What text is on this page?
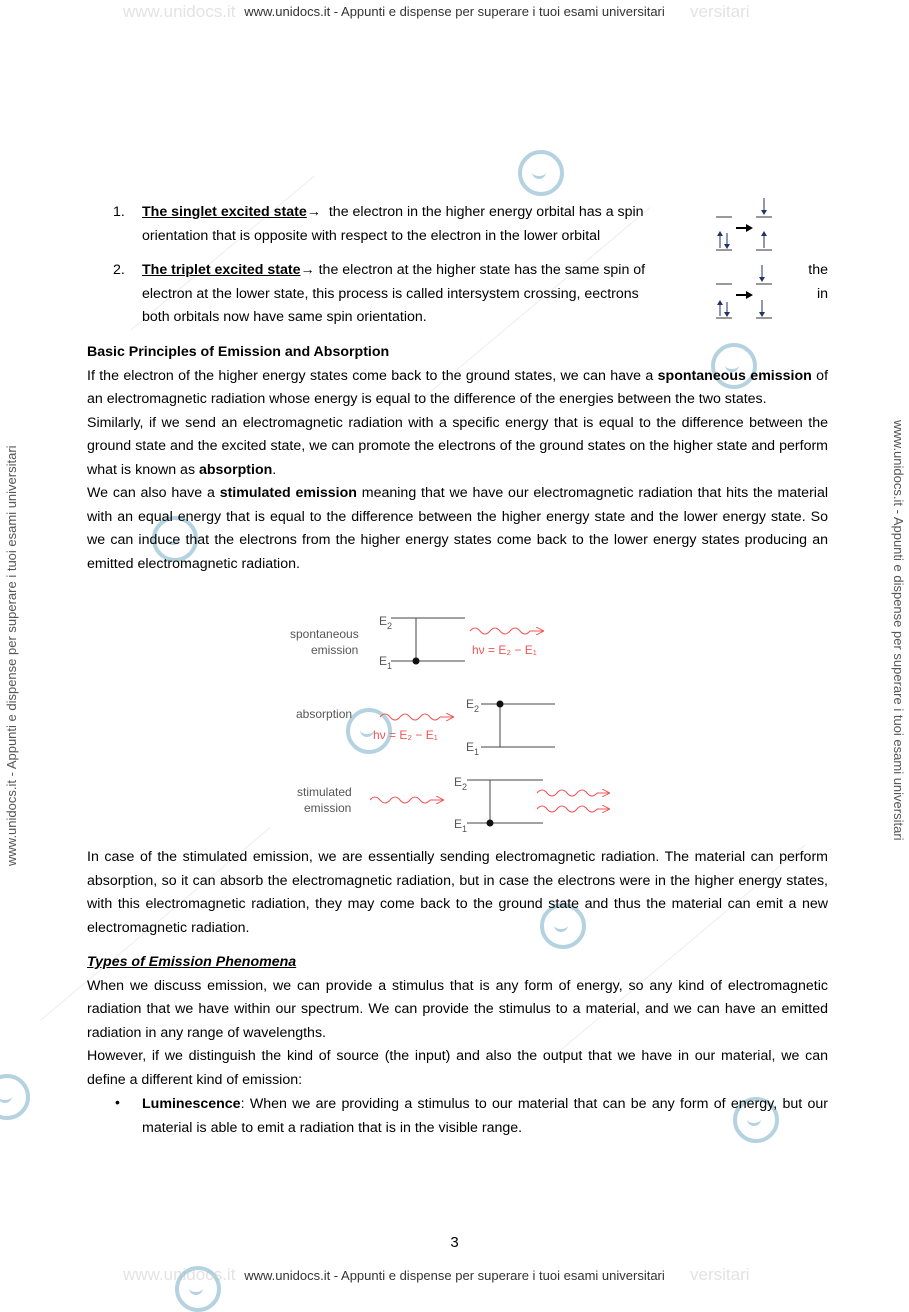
www.unidocs.it	versitari
www.unidocs.it - Appunti e dispense per superare i tuoi esami universitari
www.unidocs.it	versitari
www.unidocs.it - Appunti e dispense per superare i tuoi esami universitari
www.unidocs.it - Appunti e dispense per superare i tuoi esami universitari	www.unidocs.it - Appunti e dispense per superare i tuoi esami universitari
1. The singlet excited state→  the electron in the higher energy orbital has a spin
orientation that is opposite with respect to the electron in the lower orbital
2. The triplet excited state→ the electron at the higher state has the same spin of	the
electron at the lower state, this process is called intersystem crossing, eectrons	in
both orbitals now have same spin orientation.
Basic Principles of Emission and Absorption
If the electron of the higher energy states come back to the ground states, we can have a spontaneous emission of an electromagnetic radiation whose energy is equal to the difference of the energies between the two states.
Similarly, if we send an electromagnetic radiation with a specific energy that is equal to the difference between the ground state and the excited state, we can promote the electrons of the ground states on the higher state and perform what is known as absorption.
We can also have a stimulated emission meaning that we have our electromagnetic radiation that hits the material with an equal energy that is equal to the difference between the higher energy state and the lower energy state. So we can induce that the electrons from the higher energy states come back to the lower energy states producing an emitted electromagnetic radiation.
spontaneous
emission
$E_2$
$E_1$
hν = E₂ − E₁
absorption
$E_2$
$E_1$
hν = E₂ − E₁
stimulated
emission
$E_2$
$E_1$
In case of the stimulated emission, we are essentially sending electromagnetic radiation. The material can perform absorption, so it can absorb the electromagnetic radiation, but in case the electrons were in the higher energy states, with this electromagnetic radiation, they may come back to the ground state and thus the material can emit a new electromagnetic radiation.
Types of Emission Phenomena
When we discuss emission, we can provide a stimulus that is any form of energy, so any kind of electromagnetic radiation that we have within our spectrum. We can provide the stimulus to a material, and we can have an emitted radiation in any range of wavelengths.
However, if we distinguish the kind of source (the input) and also the output that we have in our material, we can define a different kind of emission:
• Luminescence: When we are providing a stimulus to our material that can be any form of energy, but our material is able to emit a radiation that is in the visible range.
3
